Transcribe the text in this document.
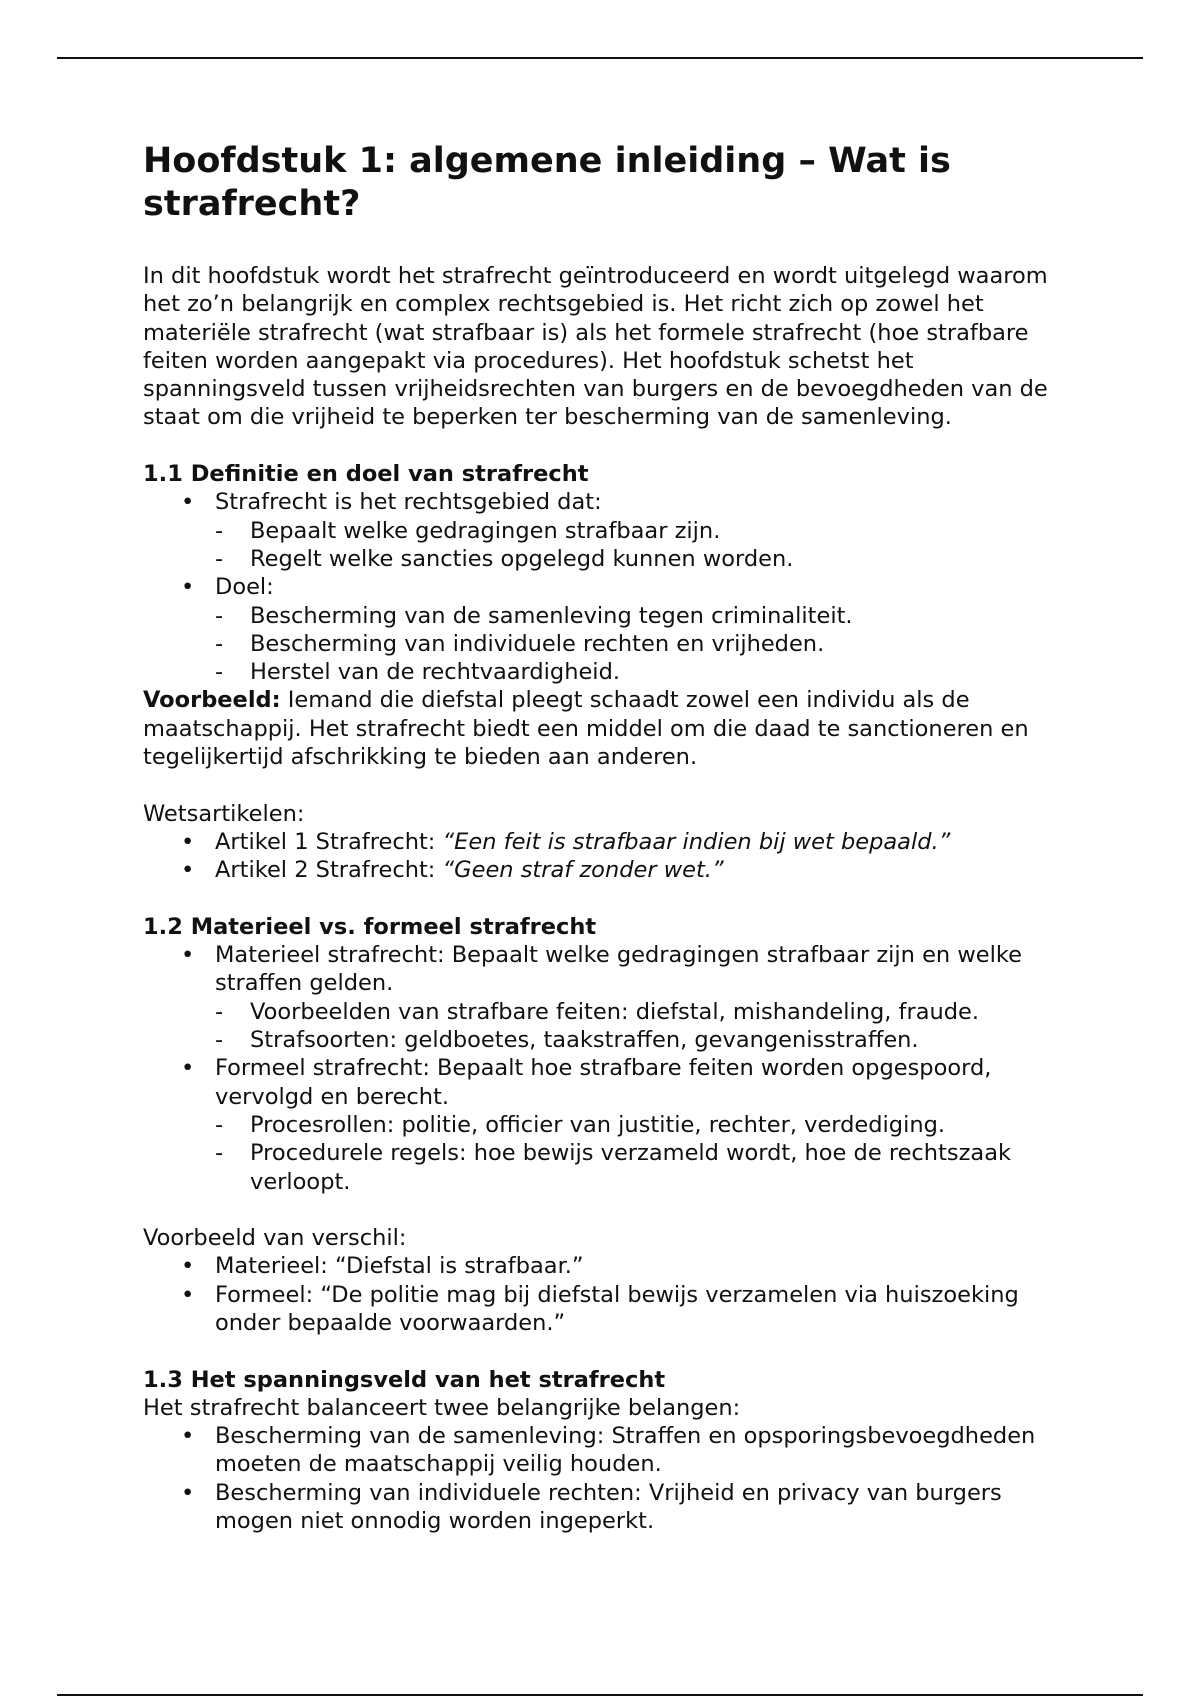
Hoofdstuk 1: algemene inleiding – Wat is strafrecht?

In dit hoofdstuk wordt het strafrecht geïntroduceerd en wordt uitgelegd waarom het zo’n belangrijk en complex rechtsgebied is. Het richt zich op zowel het materiële strafrecht (wat strafbaar is) als het formele strafrecht (hoe strafbare feiten worden aangepakt via procedures). Het hoofdstuk schetst het spanningsveld tussen vrijheidsrechten van burgers en de bevoegdheden van de staat om die vrijheid te beperken ter bescherming van de samenleving.

1.1 Definitie en doel van strafrecht
• Strafrecht is het rechtsgebied dat:
- Bepaalt welke gedragingen strafbaar zijn.
- Regelt welke sancties opgelegd kunnen worden.
• Doel:
- Bescherming van de samenleving tegen criminaliteit.
- Bescherming van individuele rechten en vrijheden.
- Herstel van de rechtvaardigheid.

Voorbeeld: Iemand die diefstal pleegt schaadt zowel een individu als de maatschappij. Het strafrecht biedt een middel om die daad te sanctioneren en tegelijkertijd afschrikking te bieden aan anderen.

Wetsartikelen:

• Artikel 1 Strafrecht: “Een feit is strafbaar indien bij wet bepaald.”
• Artikel 2 Strafrecht: “Geen straf zonder wet.”
1.2 Materieel vs. formeel strafrecht
• Materieel strafrecht: Bepaalt welke gedragingen strafbaar zijn en welke straffen gelden.
- Voorbeelden van strafbare feiten: diefstal, mishandeling, fraude.
- Strafsoorten: geldboetes, taakstraffen, gevangenisstraffen.
• Formeel strafrecht: Bepaalt hoe strafbare feiten worden opgespoord, vervolgd en berecht.
- Procesrollen: politie, officier van justitie, rechter, verdediging.
- Procedurele regels: hoe bewijs verzameld wordt, hoe de rechtszaak verloopt.

Voorbeeld van verschil:

• Materieel: “Diefstal is strafbaar.”
• Formeel: “De politie mag bij diefstal bewijs verzamelen via huiszoeking onder bepaalde voorwaarden.”
1.3 Het spanningsveld van het strafrecht

Het strafrecht balanceert twee belangrijke belangen:

• Bescherming van de samenleving: Straffen en opsporingsbevoegdheden moeten de maatschappij veilig houden.
• Bescherming van individuele rechten: Vrijheid en privacy van burgers mogen niet onnodig worden ingeperkt.
